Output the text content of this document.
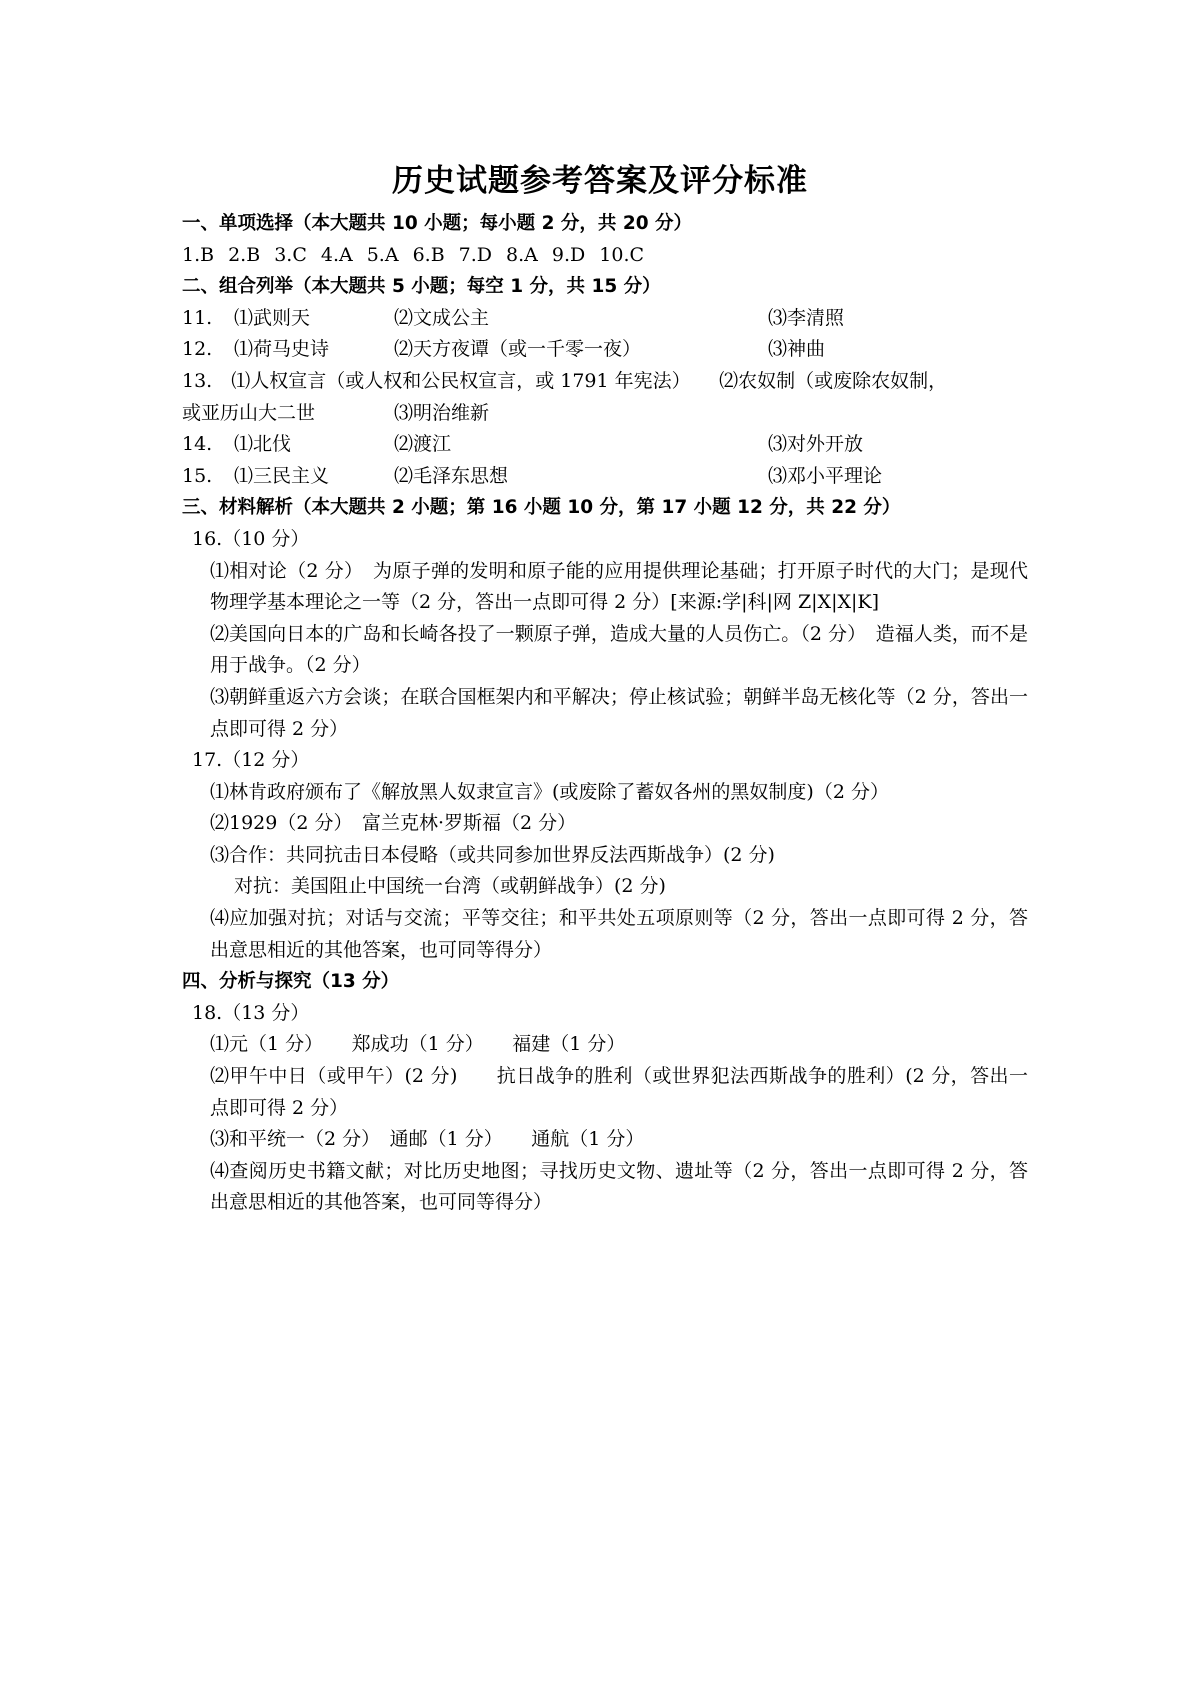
历史试题参考答案及评分标准
一、单项选择（本大题共 10 小题；每小题 2 分，共 20 分）
1.B 2.B 3.C 4.A 5.A 6.B 7.D 8.A 9.D 10.C
二、组合列举（本大题共 5 小题；每空 1 分，共 15 分）
11. ⑴武则天	⑵文成公主	⑶李清照
12. ⑴荷马史诗	⑵天方夜谭（或一千零一夜）	⑶神曲
13.　⑴人权宣言（或人权和公民权宣言，或 1791 年宪法）　　⑵农奴制（或废除农奴制，
或亚历山大二世	⑶明治维新
14. ⑴北伐	⑵渡江	⑶对外开放
15. ⑴三民主义	⑵毛泽东思想	⑶邓小平理论
三、材料解析（本大题共 2 小题；第 16 小题 10 分，第 17 小题 12 分，共 22 分）
16.（10 分）
⑴相对论（2 分）　为原子弹的发明和原子能的应用提供理论基础；打开原子时代的大门；是现代物理学基本理论之一等（2 分，答出一点即可得 2 分）[来源:学|科|网 Z|X|X|K]
⑵美国向日本的广岛和长崎各投了一颗原子弹，造成大量的人员伤亡。（2 分）　造福人类，而不是用于战争。（2 分）
⑶朝鲜重返六方会谈；在联合国框架内和平解决；停止核试验；朝鲜半岛无核化等（2 分，答出一点即可得 2 分）
17.（12 分）
⑴林肯政府颁布了《解放黑人奴隶宣言》(或废除了蓄奴各州的黑奴制度)（2 分）
⑵1929（2 分）　富兰克林·罗斯福（2 分）
⑶合作：共同抗击日本侵略（或共同参加世界反法西斯战争）(2 分)
对抗：美国阻止中国统一台湾（或朝鲜战争）(2 分)
⑷应加强对抗；对话与交流；平等交往；和平共处五项原则等（2 分，答出一点即可得 2 分，答出意思相近的其他答案，也可同等得分）
四、分析与探究（13 分）
18.（13 分）
⑴元（1 分）　　郑成功（1 分）　　福建（1 分）
⑵甲午中日（或甲午）(2 分)　　抗日战争的胜利（或世界犯法西斯战争的胜利）(2 分，答出一点即可得 2 分）
⑶和平统一（2 分）　通邮（1 分）　　通航（1 分）
⑷查阅历史书籍文献；对比历史地图；寻找历史文物、遗址等（2 分，答出一点即可得 2 分，答出意思相近的其他答案，也可同等得分）
